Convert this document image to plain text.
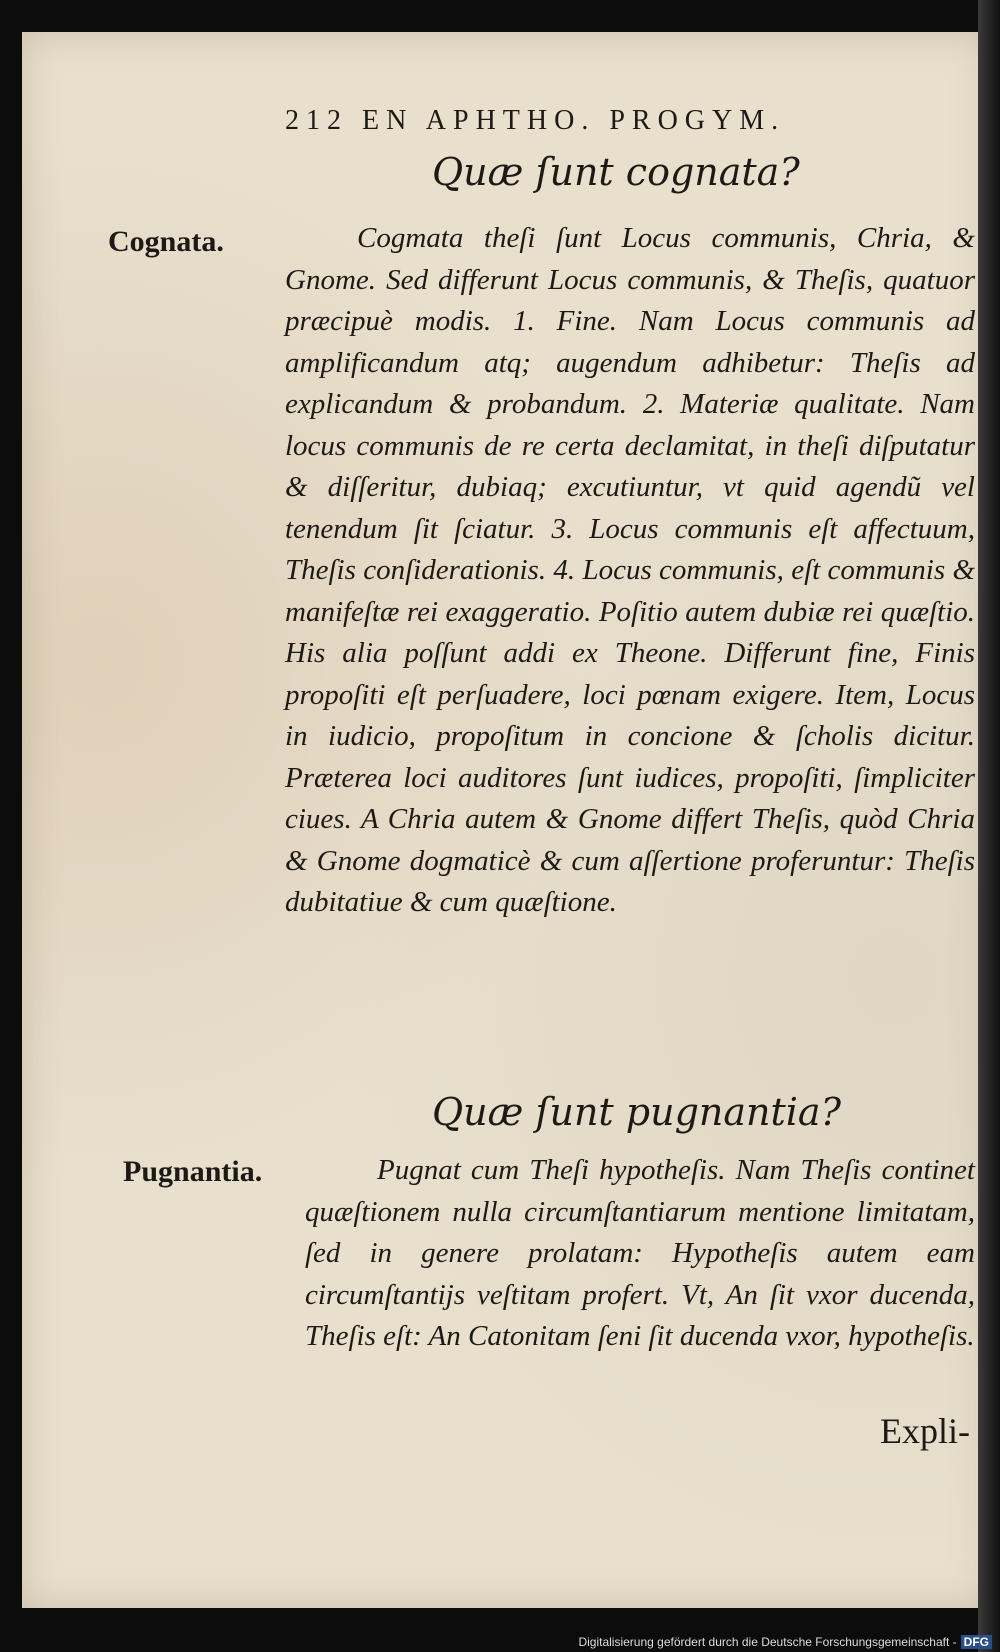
212 EN APHTHO. PROGYM.
Quæ ſunt cognata?
Cognata.	Cogmata theſi ſunt Locus communis, Chria, & Gnome. Sed differunt Locus communis, & Theſis, quatuor præcipuè modis. 1. Fine. Nam Locus communis ad amplificandum atq; augendum adhibetur: Theſis ad explicandum & probandum. 2. Materiæ qualitate. Nam locus communis de re certa declamitat, in theſi diſputatur & diſſeritur, dubiaq; excutiuntur, vt quid agendũ vel tenendum ſit ſciatur. 3. Locus communis eſt affectuum, Theſis conſiderationis. 4. Locus communis, eſt communis & manifeſtæ rei exaggeratio. Poſitio autem dubiæ rei quæſtio. His alia poſſunt addi ex Theone. Differunt fine, Finis propoſiti eſt perſuadere, loci pœnam exigere. Item, Locus in iudicio, propoſitum in concione & ſcholis dicitur. Præterea loci auditores ſunt iudices, propoſiti, ſimpliciter ciues. A Chria autem & Gnome differt Theſis, quòd Chria & Gnome dogmaticè & cum aſſertione proferuntur: Theſis dubitatiue & cum quæſtione.
Quæ ſunt pugnantia?
Pugnantia.	Pugnat cum Theſi hypotheſis. Nam Theſis continet quæſtionem nulla circumſtantiarum mentione limitatam, ſed in genere prolatam: Hypotheſis autem eam circumſtantijs veſtitam profert. Vt, An ſit vxor ducenda, Theſis eſt: An Catonitam ſeni ſit ducenda vxor, hypotheſis.
Expli-
Digitalisierung gefördert durch die Deutsche Forschungsgemeinschaft - DFG
